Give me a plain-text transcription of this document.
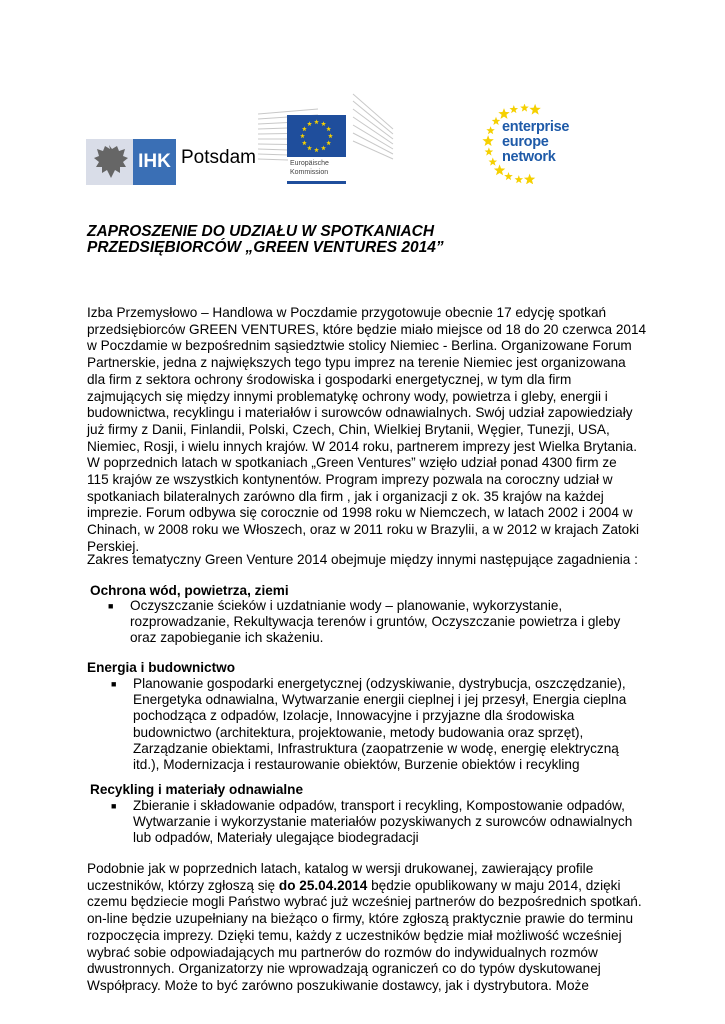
IHK Potsdam	Europäische
Kommission
enterprise
europe
network
ZAPROSZENIE DO UDZIAŁU W SPOTKANIACH
PRZEDSIĘBIORCÓW „GREEN VENTURES 2014”
Izba Przemysłowo – Handlowa w Poczdamie przygotowuje obecnie 17 edycję spotkań
przedsiębiorców GREEN VENTURES, które będzie miało miejsce od 18 do 20 czerwca 2014
w Poczdamie w bezpośrednim sąsiedztwie stolicy Niemiec - Berlina. Organizowane Forum
Partnerskie, jedna z największych tego typu imprez na terenie Niemiec jest organizowana
dla firm z sektora ochrony środowiska i gospodarki energetycznej, w tym dla firm
zajmujących się między innymi problematykę ochrony wody, powietrza i gleby, energii i
budownictwa, recyklingu i materiałów i surowców odnawialnych. Swój udział zapowiedziały
już firmy z Danii, Finlandii, Polski, Czech, Chin, Wielkiej Brytanii, Węgier, Tunezji, USA,
Niemiec, Rosji, i wielu innych krajów. W 2014 roku, partnerem imprezy jest Wielka Brytania.
W poprzednich latach w spotkaniach „Green Ventures” wzięło udział ponad 4300 firm ze
115 krajów ze wszystkich kontynentów. Program imprezy pozwala na coroczny udział w
spotkaniach bilateralnych zarówno dla firm , jak i organizacji z ok. 35 krajów na każdej
imprezie. Forum odbywa się corocznie od 1998 roku w Niemczech, w latach 2002 i 2004 w
Chinach, w 2008 roku we Włoszech, oraz w 2011 roku w Brazylii, a w 2012 w krajach Zatoki
Perskiej.
Zakres tematyczny Green Venture 2014 obejmuje między innymi następujące zagadnienia :
Ochrona wód, powietrza, ziemi
■ Oczyszczanie ścieków i uzdatnianie wody – planowanie, wykorzystanie,
rozprowadzanie, Rekultywacja terenów i gruntów, Oczyszczanie powietrza i gleby
oraz zapobieganie ich skażeniu.
Energia i budownictwo
■ Planowanie gospodarki energetycznej (odzyskiwanie, dystrybucja, oszczędzanie),
Energetyka odnawialna, Wytwarzanie energii cieplnej i jej przesył, Energia cieplna
pochodząca z odpadów, Izolacje, Innowacyjne i przyjazne dla środowiska
budownictwo (architektura, projektowanie, metody budowania oraz sprzęt),
Zarządzanie obiektami, Infrastruktura (zaopatrzenie w wodę, energię elektryczną
itd.), Modernizacja i restaurowanie obiektów, Burzenie obiektów i recykling
Recykling i materiały odnawialne
■ Zbieranie i składowanie odpadów, transport i recykling, Kompostowanie odpadów,
Wytwarzanie i wykorzystanie materiałów pozyskiwanych z surowców odnawialnych
lub odpadów, Materiały ulegające biodegradacji
Podobnie jak w poprzednich latach, katalog w wersji drukowanej, zawierający profile
uczestników, którzy zgłoszą się do 25.04.2014 będzie opublikowany w maju 2014, dzięki
czemu będziecie mogli Państwo wybrać już wcześniej partnerów do bezpośrednich spotkań.
on-line będzie uzupełniany na bieżąco o firmy, które zgłoszą praktycznie prawie do terminu
rozpoczęcia imprezy. Dzięki temu, każdy z uczestników będzie miał możliwość wcześniej
wybrać sobie odpowiadających mu partnerów do rozmów do indywidualnych rozmów
dwustronnych. Organizatorzy nie wprowadzają ograniczeń co do typów dyskutowanej
Współpracy. Może to być zarówno poszukiwanie dostawcy, jak i dystrybutora. Może
